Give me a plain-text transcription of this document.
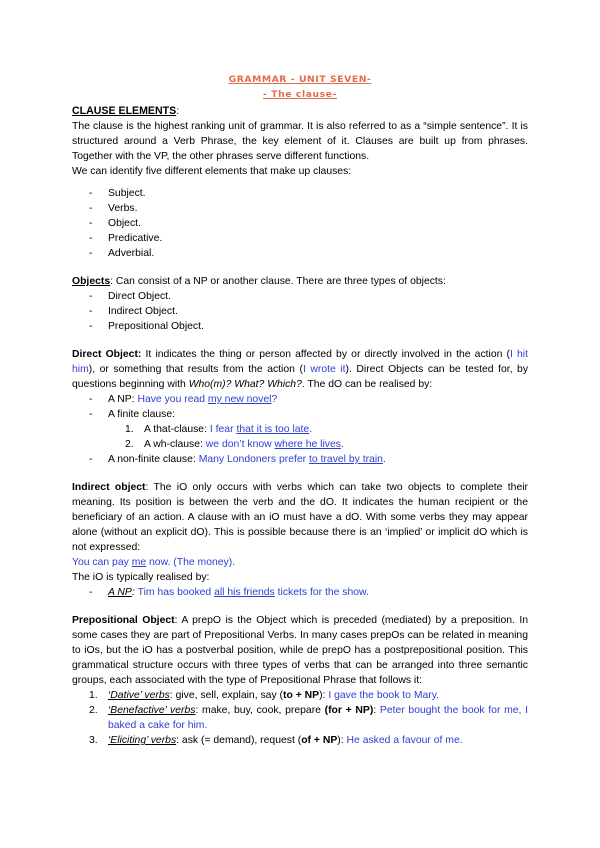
GRAMMAR - UNIT SEVEN-
- The clause-
CLAUSE ELEMENTS:

The clause is the highest ranking unit of grammar. It is also referred to as a “simple sentence”. It is structured around a Verb Phrase, the key element of it. Clauses are built up from phrases. Together with the VP, the other phrases serve different functions.

We can identify five different elements that make up clauses:

- Subject.
- Verbs.
- Object.
- Predicative.
- Adverbial.

Objects: Can consist of a NP or another clause. There are three types of objects:

- Direct Object.
- Indirect Object.
- Prepositional Object.

Direct Object: It indicates the thing or person affected by or directly involved in the action (I hit him), or something that results from the action (I wrote it). Direct Objects can be tested for, by questions beginning with Who(m)? What? Which?. The dO can be realised by:

- A NP: Have you read my new novel?
- A finite clause:
1. A that-clause: I fear that it is too late.
2. A wh-clause: we don’t know where he lives.
- A non-finite clause: Many Londoners prefer to travel by train.

Indirect object: The iO only occurs with verbs which can take two objects to complete their meaning. Its position is between the verb and the dO. It indicates the human recipient or the beneficiary of an action. A clause with an iO must have a dO. With some verbs they may appear alone (without an explicit dO). This is possible because there is an ‘implied’ or implicit dO which is not expressed:

You can pay me now. (The money).

The iO is typically realised by:

- A NP: Tim has booked all his friends tickets for the show.

Prepositional Object: A prepO is the Object which is preceded (mediated) by a preposition. In some cases they are part of Prepositional Verbs. In many cases prepOs can be related in meaning to iOs, but the iO has a postverbal position, while de prepO has a postprepositional position. This grammatical structure occurs with three types of verbs that can be arranged into three semantic groups, each associated with the type of Prepositional Phrase that follows it:

1. ‘Dative’ verbs: give, sell, explain, say (to + NP): I gave the book to Mary.
2. ‘Benefactive’ verbs: make, buy, cook, prepare (for + NP): Peter bought the book for me, I baked a cake for him.
3. ‘Eliciting’ verbs: ask (= demand), request (of + NP): He asked a favour of me.
